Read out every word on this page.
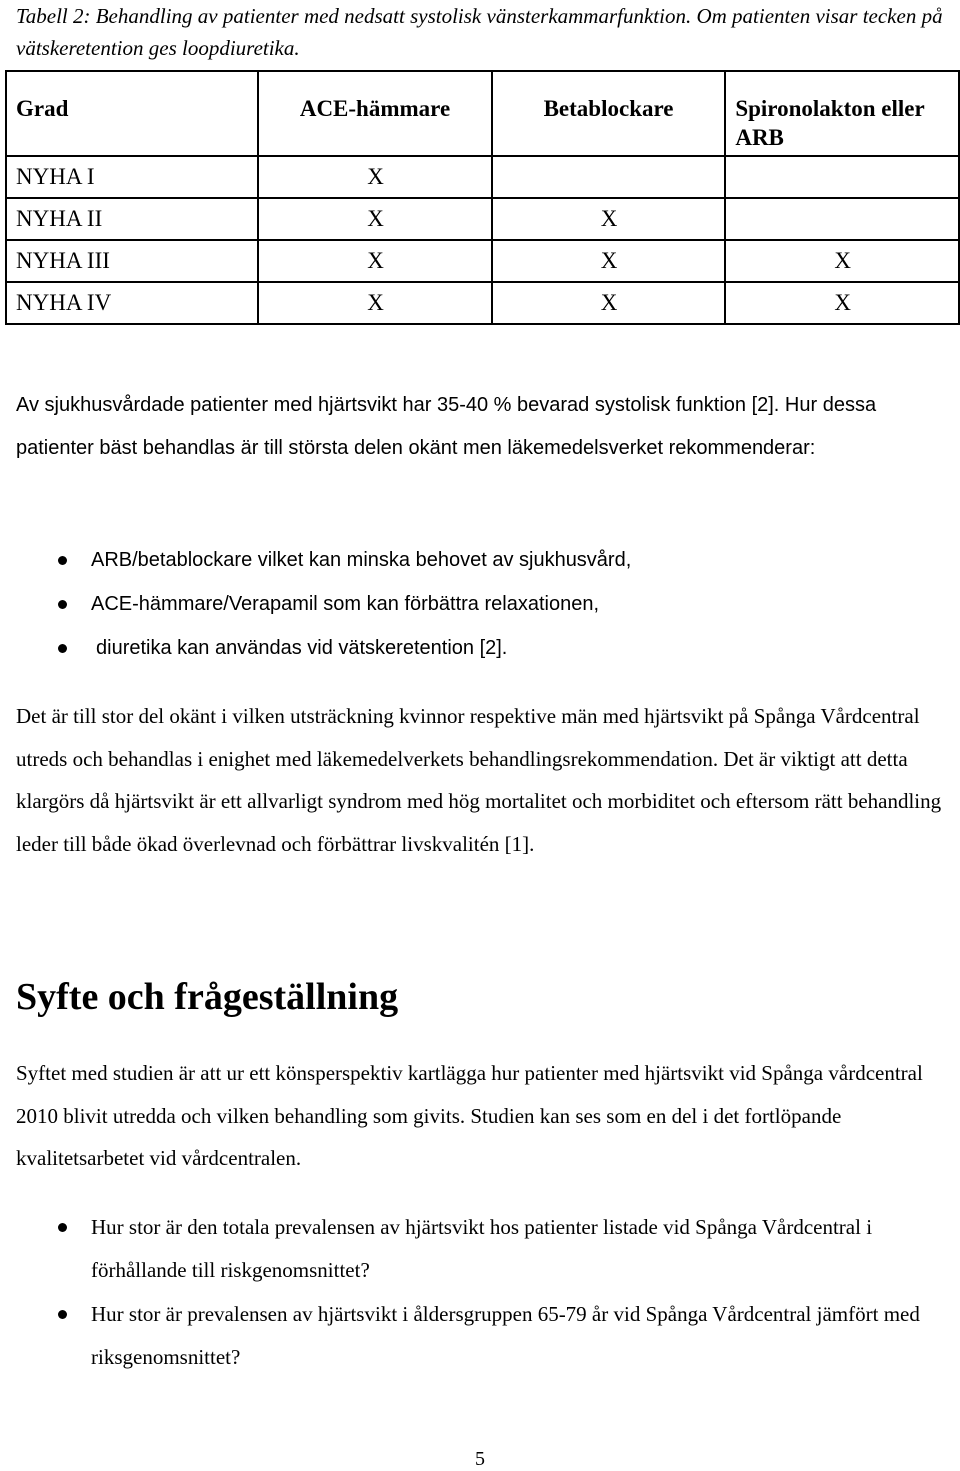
Tabell 2: Behandling av patienter med nedsatt systolisk vänsterkammarfunktion. Om patienten visar tecken på vätskeretention ges loopdiuretika.
Grad	ACE-hämmare	Betablockare	Spironolakton eller ARB
NYHA I	X		
NYHA II	X	X	
NYHA III	X	X	X
NYHA IV	X	X	X
Av sjukhusvårdade patienter med hjärtsvikt har 35-40 % bevarad systolisk funktion [2]. Hur dessa patienter bäst behandlas är till största delen okänt men läkemedelsverket rekommenderar:
ARB/betablockare vilket kan minska behovet av sjukhusvård,
ACE-hämmare/Verapamil som kan förbättra relaxationen,
diuretika kan användas vid vätskeretention [2].
Det är till stor del okänt i vilken utsträckning kvinnor respektive män med hjärtsvikt på Spånga Vårdcentral utreds och behandlas i enighet med läkemedelverkets behandlingsrekommendation. Det är viktigt att detta klargörs då hjärtsvikt är ett allvarligt syndrom med hög mortalitet och morbiditet och eftersom rätt behandling leder till både ökad överlevnad och förbättrar livskvalitén [1].
Syfte och frågeställning
Syftet med studien är att ur ett könsperspektiv kartlägga hur patienter med hjärtsvikt vid Spånga vårdcentral 2010 blivit utredda och vilken behandling som givits. Studien kan ses som en del i det fortlöpande kvalitetsarbetet vid vårdcentralen.
Hur stor är den totala prevalensen av hjärtsvikt hos patienter listade vid Spånga Vårdcentral i förhållande till riskgenomsnittet?
Hur stor är prevalensen av hjärtsvikt i åldersgruppen 65-79 år vid Spånga Vårdcentral jämfört med riksgenomsnittet?
5
